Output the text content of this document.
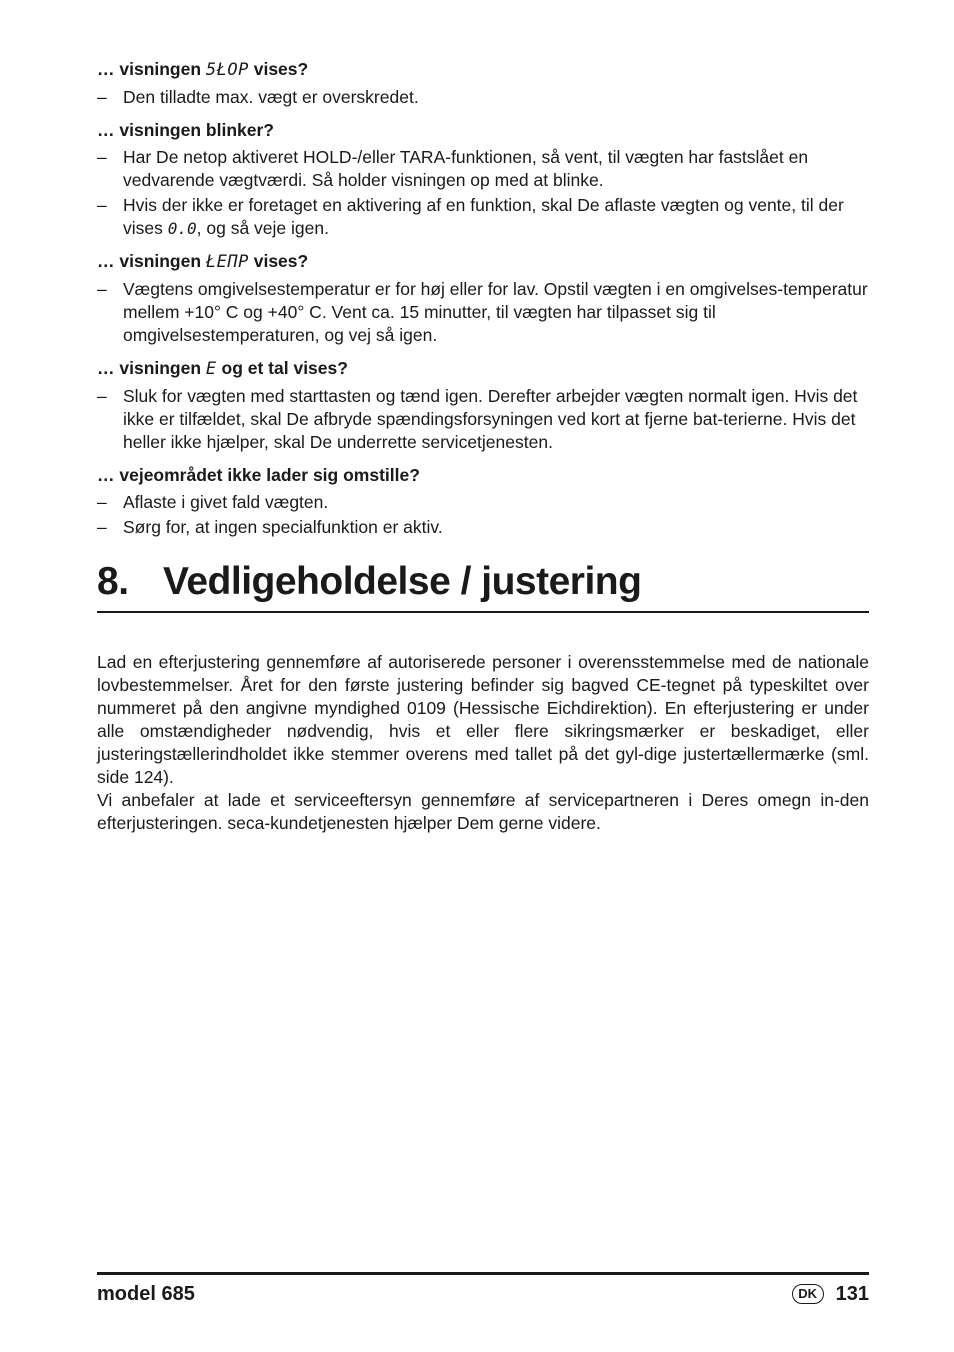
… visningen 5ŁOP vises?
– Den tilladte max. vægt er overskredet.
… visningen blinker?
– Har De netop aktiveret HOLD-/eller TARA-funktionen, så vent, til vægten har fastslået en vedvarende vægtværdi. Så holder visningen op med at blinke.
– Hvis der ikke er foretaget en aktivering af en funktion, skal De aflaste vægten og vente, til der vises 0.0, og så veje igen.
… visningen ŁEΠP vises?
– Vægtens omgivelsestemperatur er for høj eller for lav. Opstil vægten i en omgivelses-temperatur mellem +10° C og +40° C. Vent ca. 15 minutter, til vægten har tilpasset sig til omgivelsestemperaturen, og vej så igen.
… visningen E og et tal vises?
– Sluk for vægten med starttasten og tænd igen. Derefter arbejder vægten normalt igen. Hvis det ikke er tilfældet, skal De afbryde spændingsforsyningen ved kort at fjerne bat-terierne. Hvis det heller ikke hjælper, skal De underrette servicetjenesten.
… vejeområdet ikke lader sig omstille?
– Aflaste i givet fald vægten.
– Sørg for, at ingen specialfunktion er aktiv.
8. Vedligeholdelse / justering

Lad en efterjustering gennemføre af autoriserede personer i overensstemmelse med de nationale lovbestemmelser. Året for den første justering befinder sig bagved CE-tegnet på typeskiltet over nummeret på den angivne myndighed 0109 (Hessische Eichdirektion). En efterjustering er under alle omstændigheder nødvendig, hvis et eller flere sikringsmærker er beskadiget, eller justeringstællerindholdet ikke stemmer overens med tallet på det gyl-dige justertællermærke (sml. side 124).

Vi anbefaler at lade et serviceeftersyn gennemføre af servicepartneren i Deres omegn in-den efterjusteringen. seca-kundetjenesten hjælper Dem gerne videre.

model 685	DK 131
